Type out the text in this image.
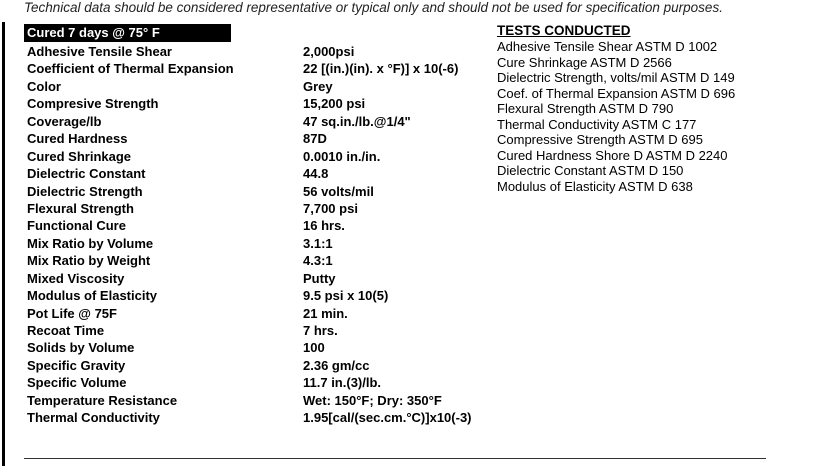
Technical data should be considered representative or typical only and should not be used for specification purposes.
Cured 7 days @ 75° F
Adhesive Tensile Shear	2,000psi
Coefficient of Thermal Expansion	22 [(in.)(in). x °F)] x 10(-6)
Color	Grey
Compresive Strength	15,200 psi
Coverage/lb	47 sq.in./lb.@1/4"
Cured Hardness	87D
Cured Shrinkage	0.0010 in./in.
Dielectric Constant	44.8
Dielectric Strength	56 volts/mil
Flexural Strength	7,700 psi
Functional Cure	16 hrs.
Mix Ratio by Volume	3.1:1
Mix Ratio by Weight	4.3:1
Mixed Viscosity	Putty
Modulus of Elasticity	9.5 psi x 10(5)
Pot Life @ 75F	21 min.
Recoat Time	7 hrs.
Solids by Volume	100
Specific Gravity	2.36 gm/cc
Specific Volume	11.7 in.(3)/lb.
Temperature Resistance	Wet: 150°F; Dry: 350°F
Thermal Conductivity	1.95[cal/(sec.cm.°C)]x10(-3)
TESTS CONDUCTED
Adhesive Tensile Shear ASTM D 1002
Cure Shrinkage ASTM D 2566
Dielectric Strength, volts/mil ASTM D 149
Coef. of Thermal Expansion ASTM D 696
Flexural Strength ASTM D 790
Thermal Conductivity ASTM C 177
Compressive Strength ASTM D 695
Cured Hardness Shore D ASTM D 2240
Dielectric Constant ASTM D 150
Modulus of Elasticity ASTM D 638
